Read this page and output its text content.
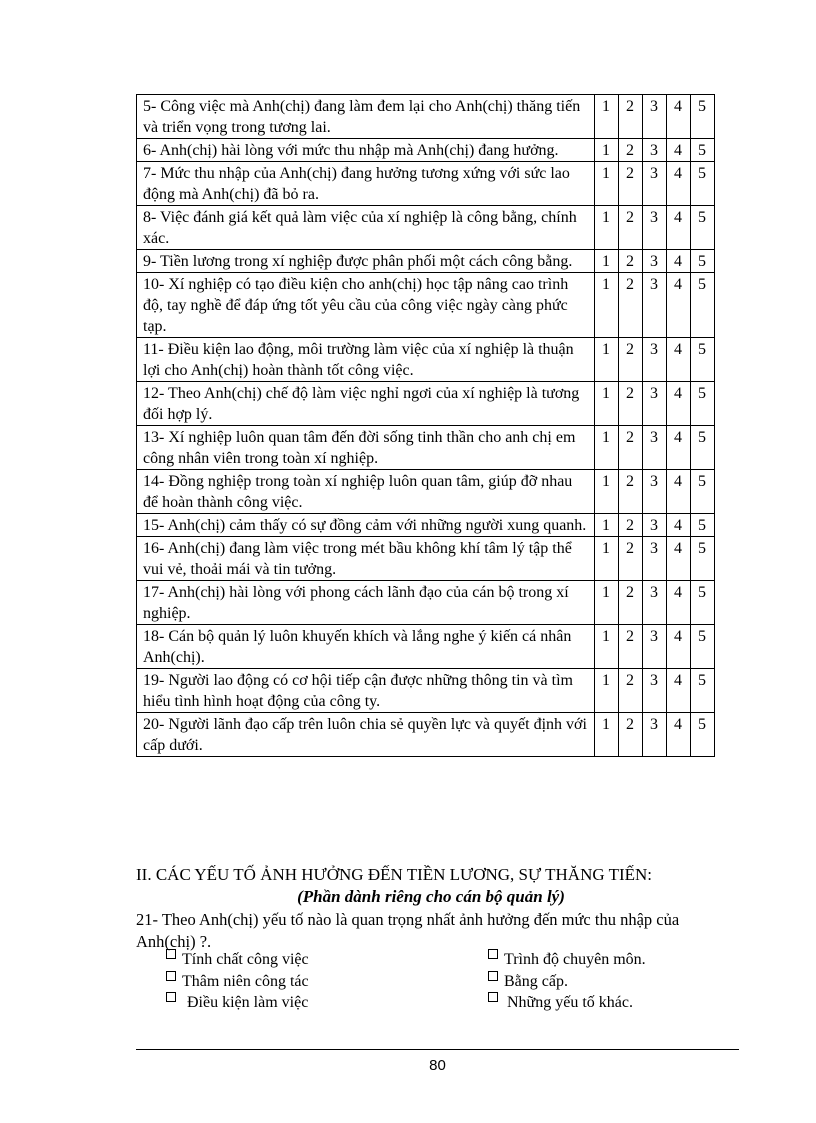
5- Công việc mà Anh(chị) đang làm đem lại cho Anh(chị) thăng tiến và triển vọng trong tương lai.	1	2	3	4	5
6- Anh(chị) hài lòng với mức thu nhập mà Anh(chị) đang hưởng.	1	2	3	4	5
7- Mức thu nhập của Anh(chị) đang hưởng tương xứng với sức lao động mà Anh(chị) đã bỏ ra.	1	2	3	4	5
8- Việc đánh giá kết quả làm việc của xí nghiệp là công bằng, chính xác.	1	2	3	4	5
9- Tiền lương trong xí nghiệp được phân phối một cách công bằng.	1	2	3	4	5
10- Xí nghiệp có tạo điều kiện cho anh(chị) học tập nâng cao trình độ, tay nghề để đáp ứng tốt yêu cầu của công việc ngày càng phức tạp.	1	2	3	4	5
11- Điều kiện lao động, môi trường làm việc của xí nghiệp là thuận lợi cho Anh(chị) hoàn thành tốt công việc.	1	2	3	4	5
12- Theo Anh(chị) chế độ làm việc nghỉ ngơi của xí nghiệp là tương đối hợp lý.	1	2	3	4	5
13- Xí nghiệp luôn quan tâm đến đời sống tinh thần cho anh chị em công nhân viên trong toàn xí nghiệp.	1	2	3	4	5
14- Đồng nghiệp trong toàn xí nghiệp luôn quan tâm, giúp đỡ nhau để hoàn thành công việc.	1	2	3	4	5
15- Anh(chị) cảm thấy có sự đồng cảm với những người xung quanh.	1	2	3	4	5
16- Anh(chị) đang làm việc trong mét bầu không khí tâm lý tập thể vui vẻ, thoải mái và tin tưởng.	1	2	3	4	5
17- Anh(chị) hài lòng với phong cách lãnh đạo của cán bộ trong xí nghiệp.	1	2	3	4	5
18- Cán bộ quản lý luôn khuyến khích và lắng nghe ý kiến cá nhân Anh(chị).	1	2	3	4	5
19- Người lao động có cơ hội tiếp cận được những thông tin và tìm hiểu tình hình hoạt động của công ty.	1	2	3	4	5
20- Người lãnh đạo cấp trên luôn chia sẻ quyền lực và quyết định với cấp dưới.	1	2	3	4	5
II. CÁC YẾU TỐ ẢNH HƯỞNG ĐẾN TIỀN LƯƠNG, SỰ THĂNG TIẾN:
(Phần dành riêng cho cán bộ quản lý)
21- Theo Anh(chị) yếu tố nào là quan trọng nhất ảnh hưởng đến mức thu nhập của Anh(chị) ?.
Tính chất công việc
Thâm niên công tác
Điều kiện làm việc
Trình độ chuyên môn.
Bằng cấp.
Những yếu tố khác.
80
